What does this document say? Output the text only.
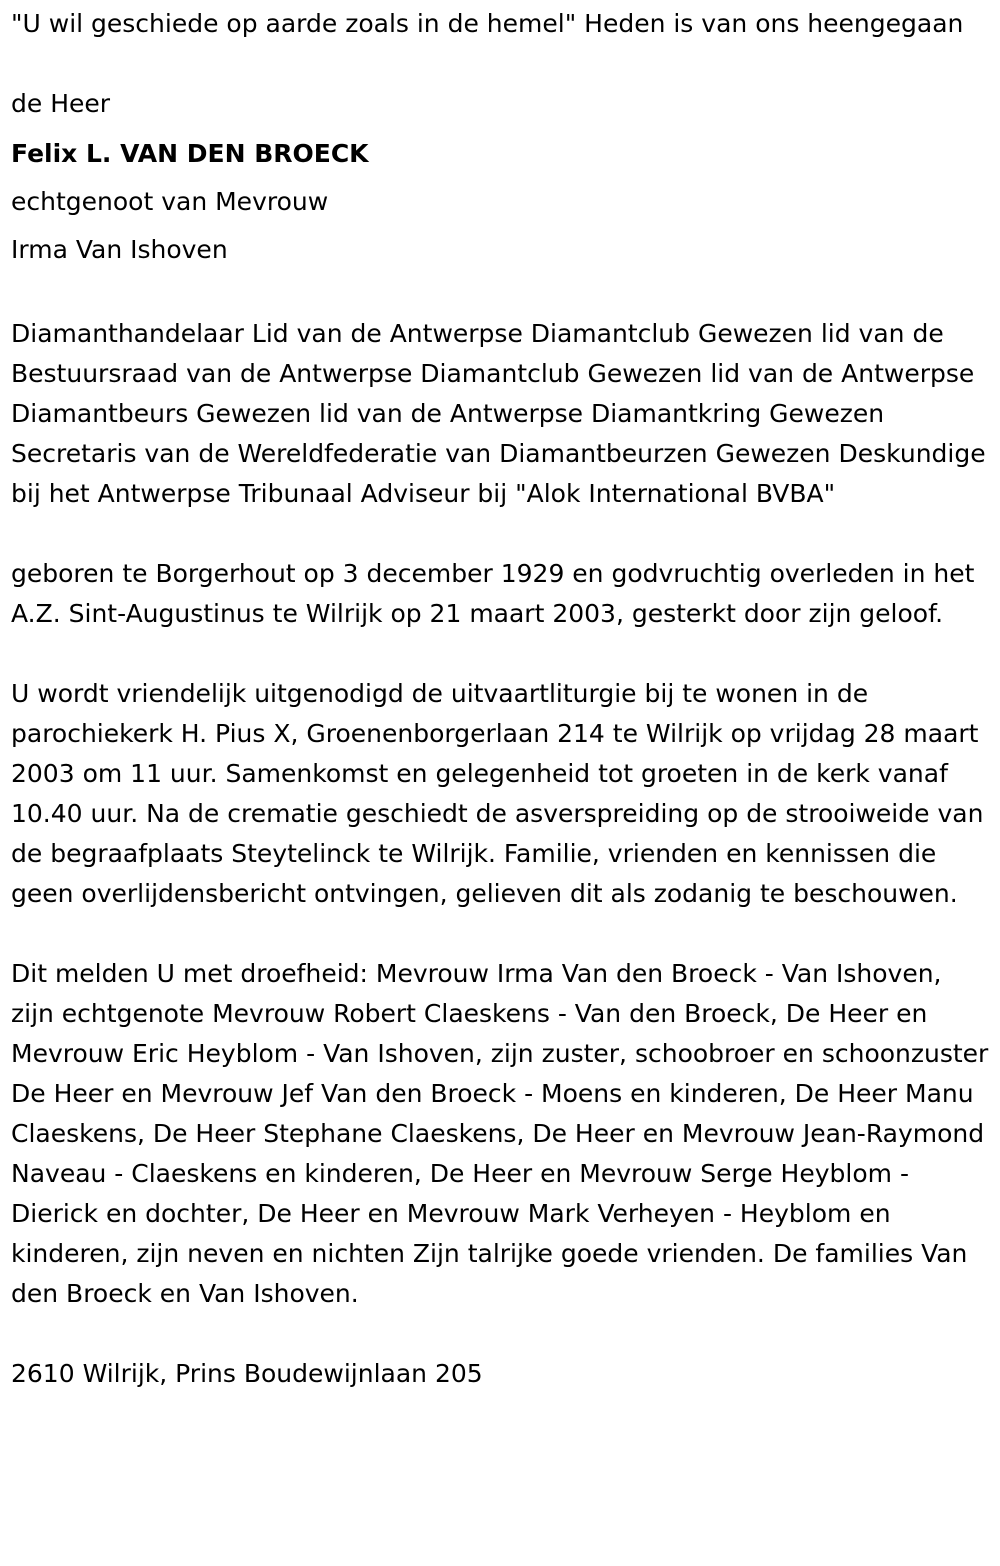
"U wil geschiede op aarde zoals in de hemel" Heden is van ons heengegaan

de Heer

Felix L. VAN DEN BROECK

echtgenoot van Mevrouw

Irma Van Ishoven

Diamanthandelaar Lid van de Antwerpse Diamantclub Gewezen lid van de Bestuursraad van de Antwerpse Diamantclub Gewezen lid van de Antwerpse Diamantbeurs Gewezen lid van de Antwerpse Diamantkring Gewezen Secretaris van de Wereldfederatie van Diamantbeurzen Gewezen Deskundige bij het Antwerpse Tribunaal Adviseur bij "Alok International BVBA"

geboren te Borgerhout op 3 december 1929 en godvruchtig overleden in het A.Z. Sint-Augustinus te Wilrijk op 21 maart 2003, gesterkt door zijn geloof.

U wordt vriendelijk uitgenodigd de uitvaartliturgie bij te wonen in de parochiekerk H. Pius X, Groenenborgerlaan 214 te Wilrijk op vrijdag 28 maart 2003 om 11 uur. Samenkomst en gelegenheid tot groeten in de kerk vanaf 10.40 uur. Na de crematie geschiedt de asverspreiding op de strooiweide van de begraafplaats Steytelinck te Wilrijk. Familie, vrienden en kennissen die geen overlijdensbericht ontvingen, gelieven dit als zodanig te beschouwen.

Dit melden U met droefheid: Mevrouw Irma Van den Broeck - Van Ishoven, zijn echtgenote Mevrouw Robert Claeskens - Van den Broeck, De Heer en Mevrouw Eric Heyblom - Van Ishoven, zijn zuster, schoobroer en schoonzuster De Heer en Mevrouw Jef Van den Broeck - Moens en kinderen, De Heer Manu Claeskens, De Heer Stephane Claeskens, De Heer en Mevrouw Jean-Raymond Naveau - Claeskens en kinderen, De Heer en Mevrouw Serge Heyblom - Dierick en dochter, De Heer en Mevrouw Mark Verheyen - Heyblom en kinderen, zijn neven en nichten Zijn talrijke goede vrienden. De families Van den Broeck en Van Ishoven.

2610 Wilrijk, Prins Boudewijnlaan 205
